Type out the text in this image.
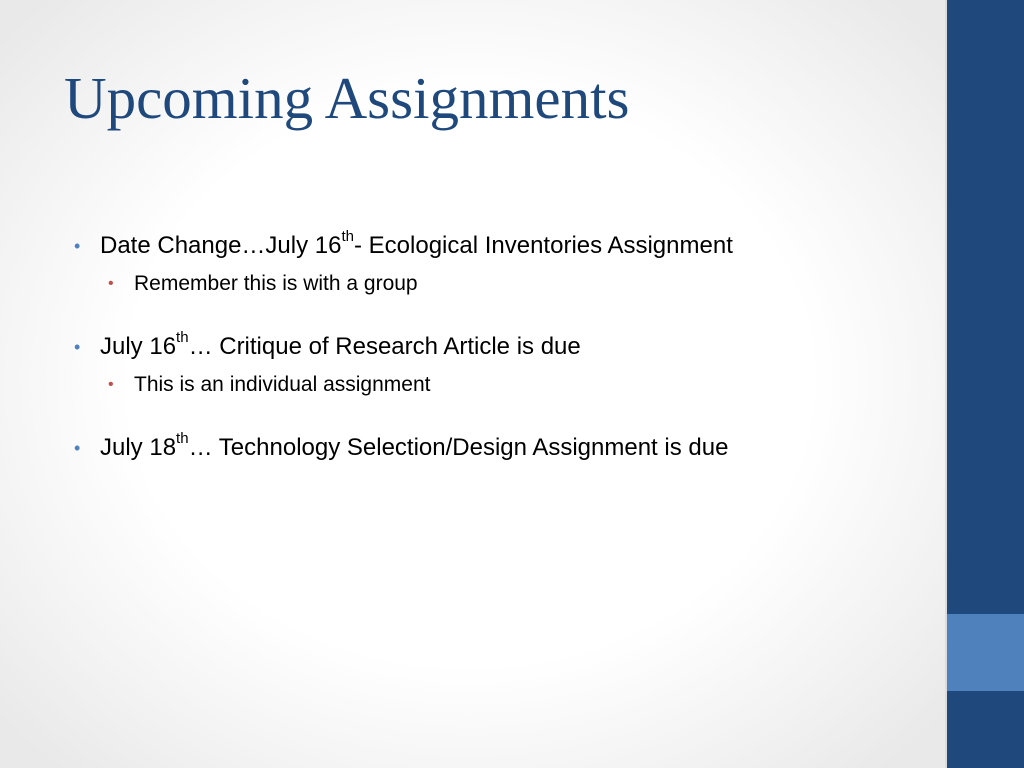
Upcoming Assignments
• Date Change…July 16th- Ecological Inventories Assignment
• Remember this is with a group
• July 16th… Critique of Research Article is due
• This is an individual assignment
• July 18th… Technology Selection/Design Assignment is due
